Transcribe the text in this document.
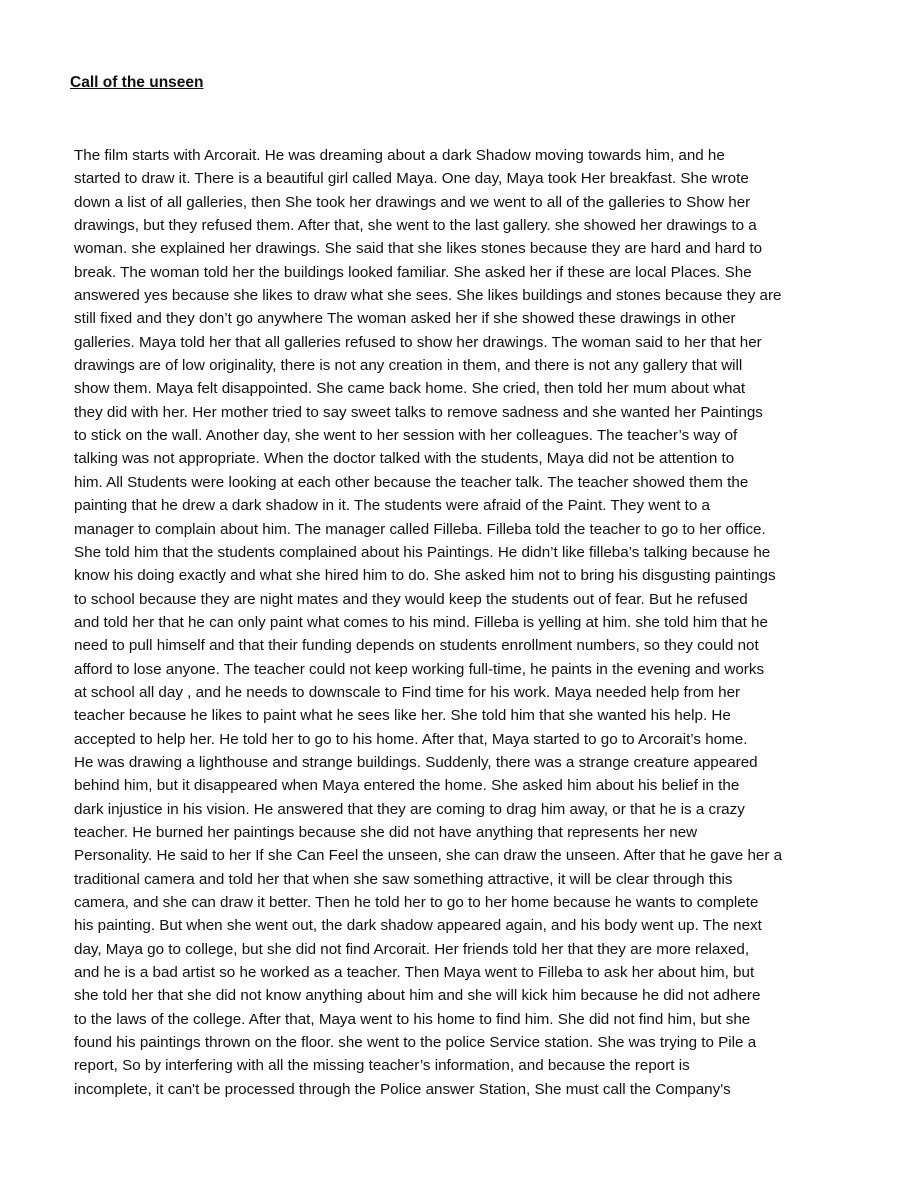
Call of the unseen
The film starts with Arcorait. He was dreaming about a dark Shadow moving towards him, and he
started to draw it. There is a beautiful girl called Maya. One day, Maya took Her breakfast. She wrote
down a list of all galleries, then She took her drawings and we went to all of the galleries to Show her
drawings, but they refused them. After that, she went to the last gallery. she showed her drawings to a
woman. she explained her drawings. She said that she likes stones because they are hard and hard to
break. The woman told her the buildings looked familiar. She asked her if these are local Places. She
answered yes because she likes to draw what she sees. She likes buildings and stones because they are
still fixed and they don’t go anywhere The woman asked her if she showed these drawings in other
galleries. Maya told her that all galleries refused to show her drawings. The woman said to her that her
drawings are of low originality, there is not any creation in them, and there is not any gallery that will
show them. Maya felt disappointed. She came back home. She cried, then told her mum about what
they did with her. Her mother tried to say sweet talks to remove sadness and she wanted her Paintings
to stick on the wall. Another day, she went to her session with her colleagues. The teacher’s way of
talking was not appropriate. When the doctor talked with the students, Maya did not be attention to
him. All Students were looking at each other because the teacher talk. The teacher showed them the
painting that he drew a dark shadow in it. The students were afraid of the Paint. They went to a
manager to complain about him. The manager called Filleba. Filleba told the teacher to go to her office.
She told him that the students complained about his Paintings. He didn’t like filleba’s talking because he
know his doing exactly and what she hired him to do. She asked him not to bring his disgusting paintings
to school because they are night mates and they would keep the students out of fear. But he refused
and told her that he can only paint what comes to his mind. Filleba is yelling at him. she told him that he
need to pull himself and that their funding depends on students enrollment numbers, so they could not
afford to lose anyone. The teacher could not keep working full-time, he paints in the evening and works
at school all day , and he needs to downscale to Find time for his work. Maya needed help from her
teacher because he likes to paint what he sees like her. She told him that she wanted his help. He
accepted to help her. He told her to go to his home. After that, Maya started to go to Arcorait’s home.
He was drawing a lighthouse and strange buildings. Suddenly, there was a strange creature appeared
behind him, but it disappeared when Maya entered the home. She asked him about his belief in the
dark injustice in his vision. He answered that they are coming to drag him away, or that he is a crazy
teacher. He burned her paintings because she did not have anything that represents her new
Personality. He said to her If she Can Feel the unseen, she can draw the unseen. After that he gave her a
traditional camera and told her that when she saw something attractive, it will be clear through this
camera, and she can draw it better. Then he told her to go to her home because he wants to complete
his painting. But when she went out, the dark shadow appeared again, and his body went up. The next
day, Maya go to college, but she did not find Arcorait. Her friends told her that they are more relaxed,
and he is a bad artist so he worked as a teacher. Then Maya went to Filleba to ask her about him, but
she told her that she did not know anything about him and she will kick him because he did not adhere
to the laws of the college. After that, Maya went to his home to find him. She did not find him, but she
found his paintings thrown on the floor. she went to the police Service station. She was trying to Pile a
report, So by interfering with all the missing teacher’s information, and because the report is
incomplete, it can't be processed through the Police answer Station, She must call the Company's
